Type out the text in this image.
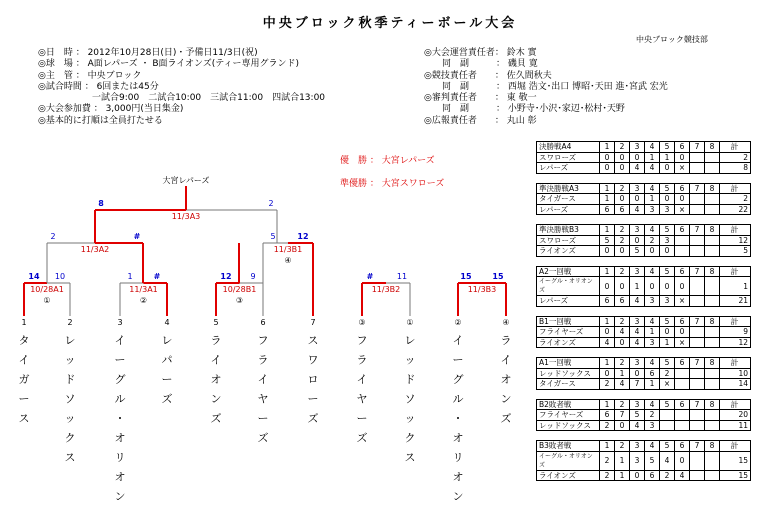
中央ブロック秋季ティーボール大会
中央ブロック競技部
◎日　時 ： 2012年10月28日(日)・予備日11/3日(祝)
◎球　場 ： A面レパーズ ・ B面ライオンズ(ティー専用グランド)
◎主　管 ： 中央ブロック
◎試合時間 ： 6回または45分
　　　　　　一試合9:00　二試合10:00　三試合11:00　四試合13:00
◎大会参加費 ： 3,000円(当日集金)
◎基本的に打順は全員打たせる
◎大会運営責任者： 鈴木 實
　　同　副　　　： 磯貝 寛
◎競技責任者　　： 佐久間秋夫
　　同　副　　　： 西堀 浩文･出口 博昭･天田 進･宮武 宏光
◎審判責任者　　： 東 敬一
　　同　副　　　： 小野寺･小沢･家辺･松村･天野
◎広報責任者　　： 丸山 彰
優　勝 ： 大宮レパーズ
準優勝 ： 大宮スワローズ
1
タ
イ
ガ
ー
ス
2
レ
ッ
ド
ソ
ッ
ク
ス
3
イ
ー
グ
ル
・
オ
リ
オ
ン
4
レ
パ
ー
ズ
5
ラ
イ
オ
ン
ズ
6
フ
ラ
イ
ヤ
ー
ズ
7
ス
ワ
ロ
ー
ズ
③
フ
ラ
イ
ヤ
ー
ズ
①
レ
ッ
ド
ソ
ッ
ク
ス
②
イ
ー
グ
ル
・
オ
リ
オ
ン
④
ラ
イ
オ
ン
ズ
10/28A1
①
14 10
11/3A1
②
1	#
10/28B1
③
12 9
11/3B1
④
5	12
11/3A2
2	#
11/3A3
8	2
大宮レパーズ
11/3B2
#	11
11/3B3
15	15
決勝戦A4	1	2	3	4	5	6	7	8	計
スワローズ	0	0	0	1	1	0			2
レパーズ	0	0	4	4	0	×			8
準決勝戦A3	1	2	3	4	5	6	7	8	計
タイガース	1	0	0	1	0	0			2
レパーズ	6	6	4	3	3	×			22
準決勝戦B3	1	2	3	4	5	6	7	8	計
スワローズ	5	2	0	2	3				12
ライオンズ	0	0	5	0	0				5
A2一回戦	1	2	3	4	5	6	7	8	計
イーグル・オリオンズ	0	0	1	0	0	0			1
レパーズ	6	6	4	3	3	×			21
B1一回戦	1	2	3	4	5	6	7	8	計
フライヤーズ	0	4	4	1	0	0			9
ライオンズ	4	0	4	3	1	×			12
A1一回戦	1	2	3	4	5	6	7	8	計
レッドソックス	0	1	0	6	2				10
タイガース	2	4	7	1	×				14
B2敗者戦	1	2	3	4	5	6	7	8	計
フライヤーズ	6	7	5	2					20
レッドソックス	2	0	4	3					11
B3敗者戦	1	2	3	4	5	6	7	8	計
イーグル・オリオンズ	2	1	3	5	4	0			15
ライオンズ	2	1	0	6	2	4			15
